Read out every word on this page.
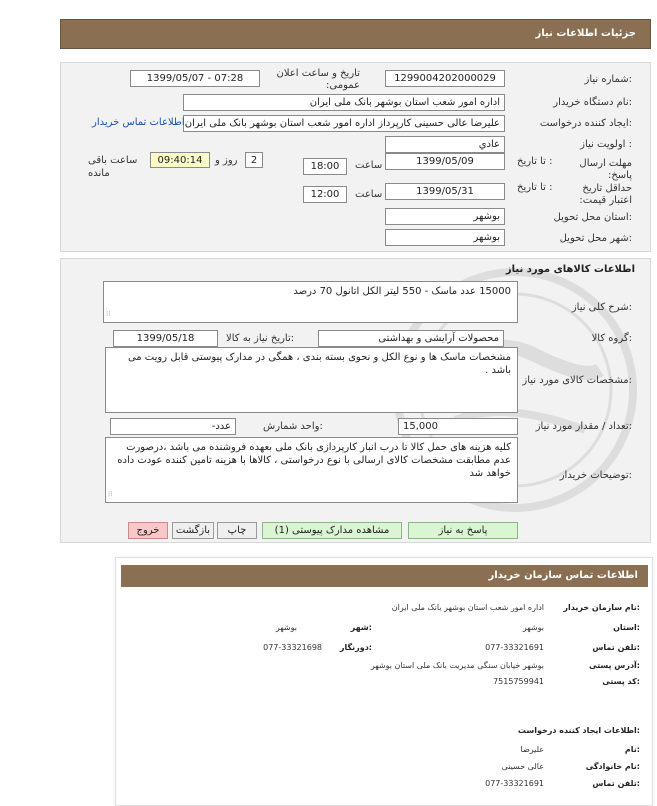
جزئیات اطلاعات نیاز
شماره نیاز:
1299004202000029
تاریخ و ساعت اعلان عمومی:
1399/05/07 - 07:28
نام دستگاه خریدار:
اداره امور شعب استان بوشهر بانک ملی ایران
ایجاد کننده درخواست:
علیرضا عالی حسینی کارپرداز اداره امور شعب استان بوشهر بانک ملی ایران
اطلاعات تماس خریدار
اولویت نیاز :
عادي
مهلت ارسال پاسخ:
تا تاریخ :
1399/05/09
ساعت
18:00
2
روز و
09:40:14
ساعت باقی مانده
حداقل تاریخ اعتبار قیمت:
تا تاریخ :
1399/05/31
ساعت
12:00
استان محل تحویل:
بوشهر
شهر محل تحویل:
بوشهر
اطلاعات کالاهای مورد نیاز
شرح کلی نیاز:
15000 عدد ماسک - 550 لیتر الکل اتانول 70 درصد
⁞⁞
گروه کالا:
محصولات آرایشی و بهداشتی
تاریخ نیاز به کالا:
1399/05/18
مشخصات کالای مورد نیاز:
مشخصات ماسک ها و نوع الکل و نحوی بسته بندی ، همگی در مدارک پیوستی قابل رویت می باشد .
تعداد / مقدار مورد نیاز:
15,000
واحد شمارش:
عدد-
توضیحات خریدار:
کلیه هزینه های حمل کالا تا درب انبار کارپردازی بانک ملی بعهده فروشنده می باشد ،درصورت عدم مطابقت مشخصات کالای ارسالی با نوع درخواستی ، کالاها با هزینه تامین کننده عودت داده خواهد شد
⁞⁞
پاسخ به نیاز
مشاهده مدارک پیوستی (1)
چاپ
بازگشت
خروج
اطلاعات تماس سازمان خریدار
نام سازمان خریدار:
اداره امور شعب استان بوشهر بانک ملی ایران
استان:
بوشهر
شهر:
بوشهر
تلفن تماس:
077-33321691
دورنگار:
077-33321698
آدرس پستی:
بوشهر خیابان سنگی مدیریت بانک ملی استان بوشهر
کد پستی:
7515759941
اطلاعات ایجاد کننده درخواست:
نام:
علیرضا
نام خانوادگی:
عالی حسینی
تلفن تماس:
077-33321691
